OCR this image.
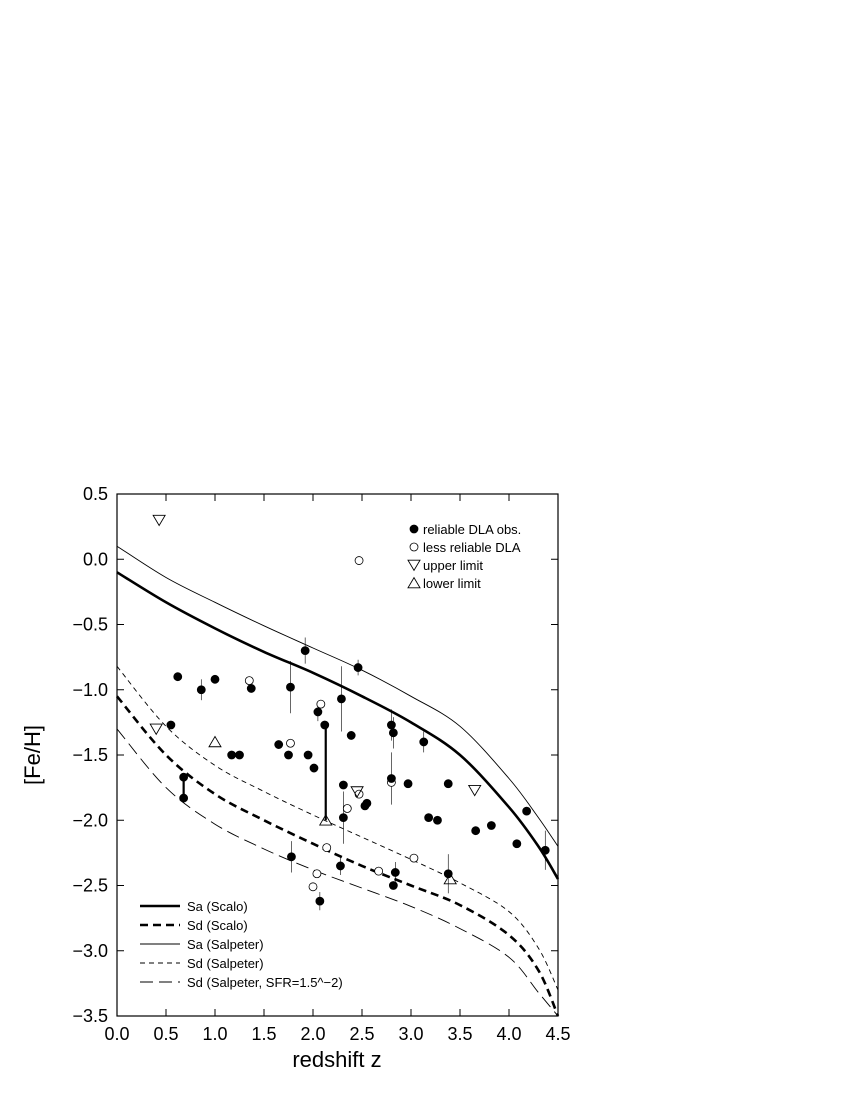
0.0 0.5 1.0 1.5 2.0 2.5 3.0 3.5 4.0 4.5
0.5
0.0
−0.5
−1.0
−1.5
−2.0
−2.5
−3.0
−3.5
reliable DLA obs.
less reliable DLA
upper limit
lower limit
Sa (Scalo)
Sd (Scalo)
Sa (Salpeter)
Sd (Salpeter)
Sd (Salpeter, SFR=1.5^−2)
redshift z
[Fe/H]
